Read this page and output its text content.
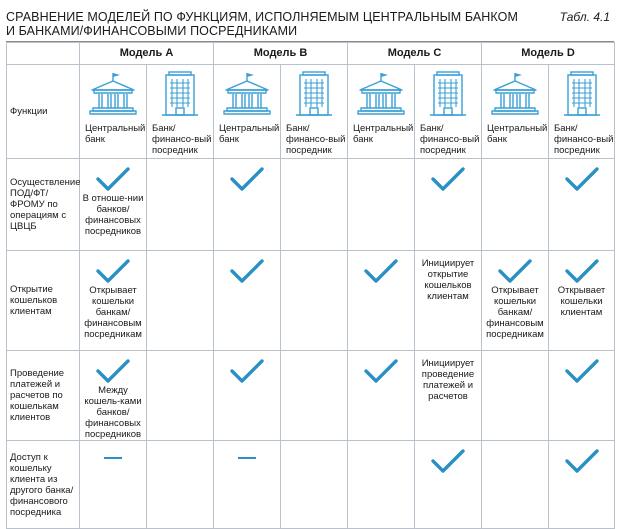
СРАВНЕНИЕ МОДЕЛЕЙ ПО ФУНКЦИЯМ, ИСПОЛНЯЕМЫМ ЦЕНТРАЛЬНЫМ БАНКОМ
И БАНКАМИ/ФИНАНСОВЫМИ ПОСРЕДНИКАМИ
Табл. 4.1
	Модель A		Модель B		Модель C		Модель D	
Функции	Центральный банк	Банк/финансо-вый посредник	Центральный банк	Банк/финансо-вый посредник	Центральный банк	Банк/финансо-вый посредник	Центральный банк	Банк/финансо-вый посредник

Осуществление ПОД/ФТ/ФРОМУ по операциям с ЦВЦБ	В отноше-нии банков/ финансовых посредников

Открытие кошельков клиентам	Открывает кошельки банкам/ финансовым посредникам					Инициирует открытие кошельков клиентам	Открывает кошельки банкам/ финансовым посредникам	Открывает кошельки клиентам

Проведение платежей и расчетов по кошелькам клиентов	Между кошель-ками банков/ финансовых посредников					Инициирует проведение платежей и расчетов

Доступ к кошельку клиента из другого банка/ финансового посредника	
